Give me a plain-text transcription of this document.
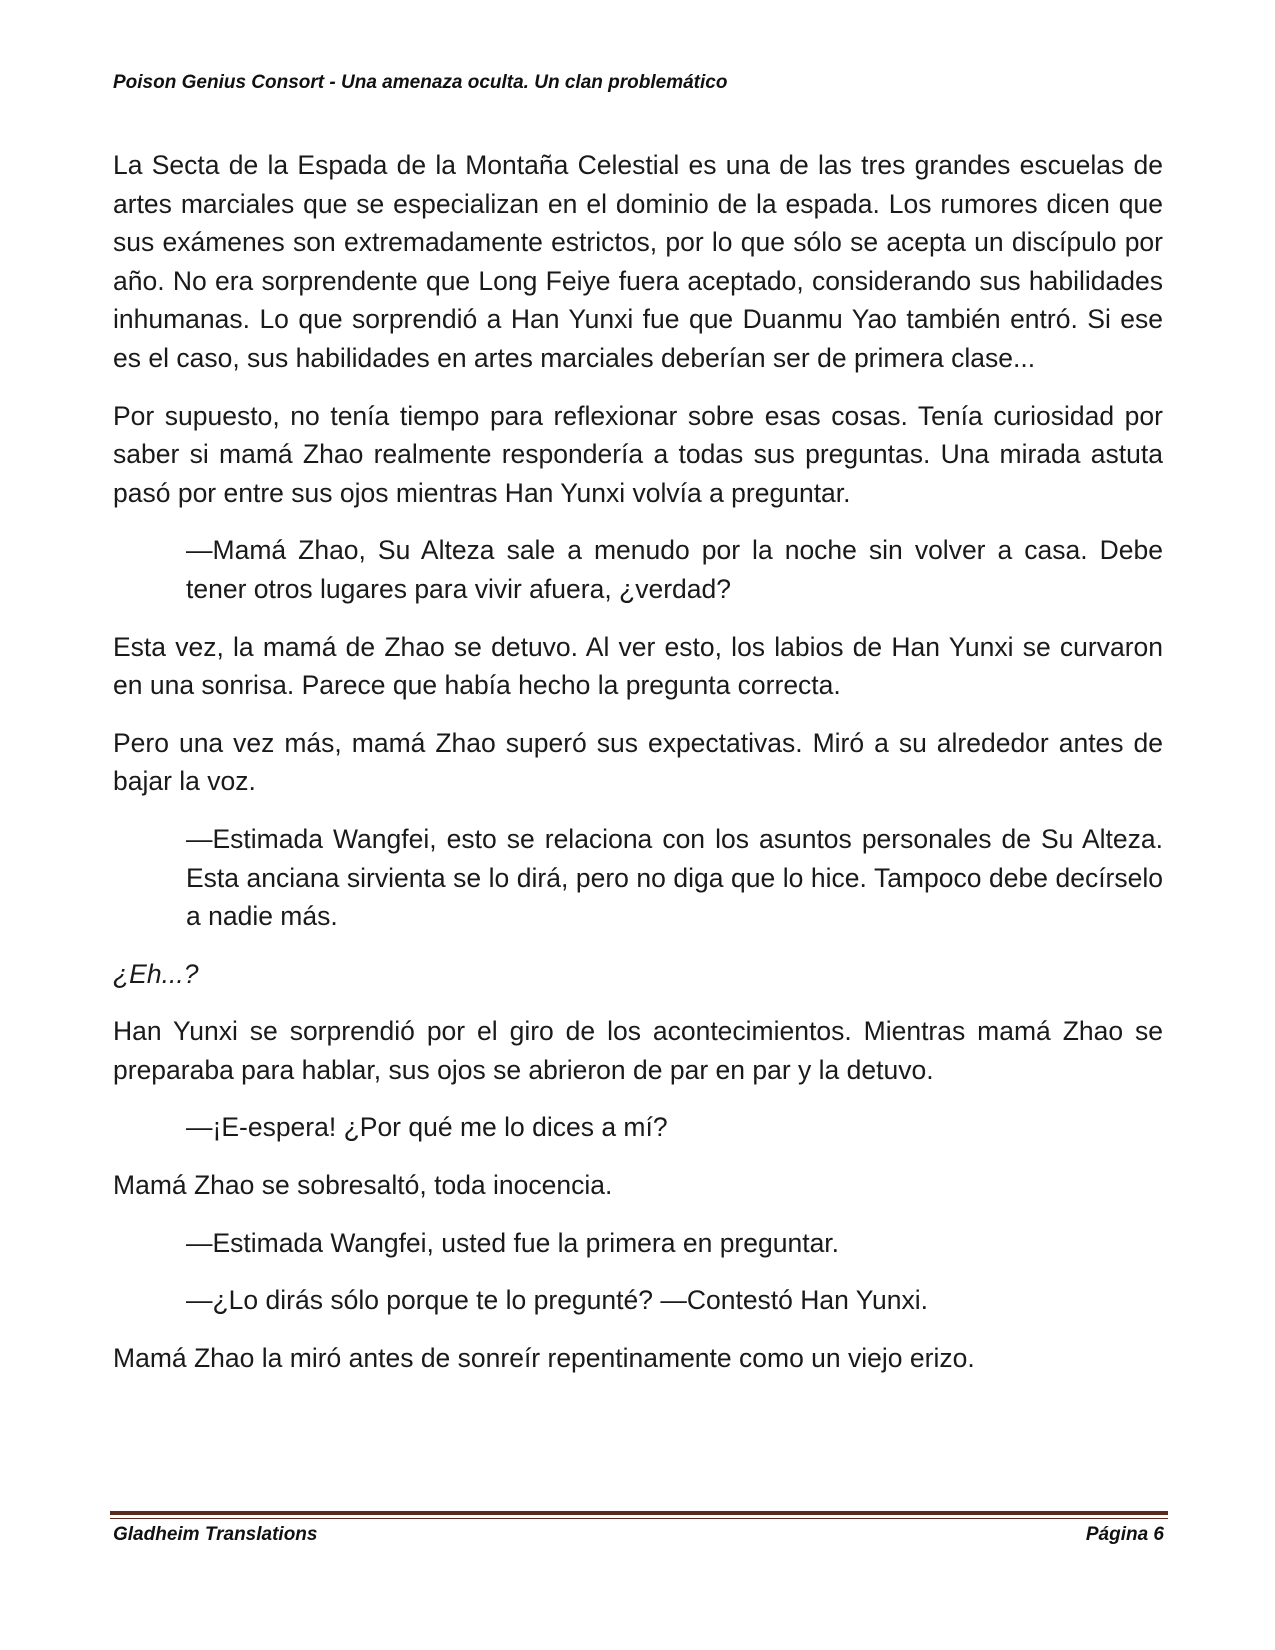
Poison Genius Consort - Una amenaza oculta. Un clan problemático

La Secta de la Espada de la Montaña Celestial es una de las tres grandes escuelas de artes marciales que se especializan en el dominio de la espada. Los rumores dicen que sus exámenes son extremadamente estrictos, por lo que sólo se acepta un discípulo por año. No era sorprendente que Long Feiye fuera aceptado, considerando sus habilidades inhumanas. Lo que sorprendió a Han Yunxi fue que Duanmu Yao también entró. Si ese es el caso, sus habilidades en artes marciales deberían ser de primera clase...

Por supuesto, no tenía tiempo para reflexionar sobre esas cosas. Tenía curiosidad por saber si mamá Zhao realmente respondería a todas sus preguntas. Una mirada astuta pasó por entre sus ojos mientras Han Yunxi volvía a preguntar.

—Mamá Zhao, Su Alteza sale a menudo por la noche sin volver a casa. Debe tener otros lugares para vivir afuera, ¿verdad?

Esta vez, la mamá de Zhao se detuvo. Al ver esto, los labios de Han Yunxi se curvaron en una sonrisa. Parece que había hecho la pregunta correcta.

Pero una vez más, mamá Zhao superó sus expectativas. Miró a su alrededor antes de bajar la voz.

—Estimada Wangfei, esto se relaciona con los asuntos personales de Su Alteza. Esta anciana sirvienta se lo dirá, pero no diga que lo hice. Tampoco debe decírselo a nadie más.

¿Eh...?

Han Yunxi se sorprendió por el giro de los acontecimientos. Mientras mamá Zhao se preparaba para hablar, sus ojos se abrieron de par en par y la detuvo.

—¡E-espera! ¿Por qué me lo dices a mí?

Mamá Zhao se sobresaltó, toda inocencia.

—Estimada Wangfei, usted fue la primera en preguntar.

—¿Lo dirás sólo porque te lo pregunté? —Contestó Han Yunxi.

Mamá Zhao la miró antes de sonreír repentinamente como un viejo erizo.

Gladheim Translations	Página 6
